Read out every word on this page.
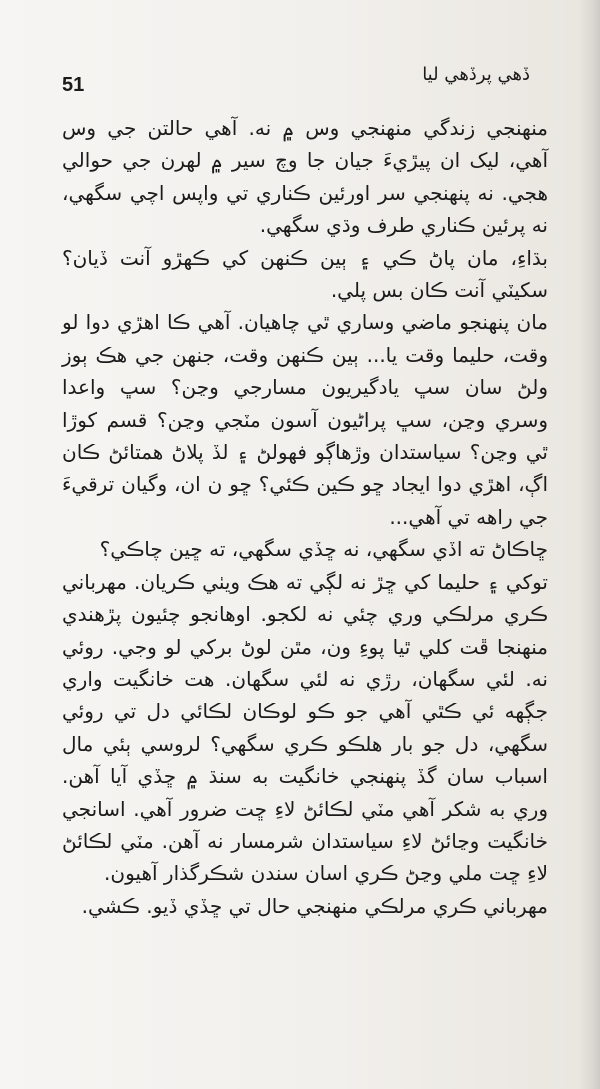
51	ڏهي پرڏهي ليا

منهنجي زندگي منهنجي وس ۾ نه. آهي حالتن جي وس آهي، ليک ان پيڙيءَ جيان جا وچ سير ۾ لهرن جي حوالي هجي. نه پنهنجي سر اورئين ڪناري تي واپس اچي سگهي، نه پرئين ڪناري طرف وڌي سگهي.

بڌاءِ، مان پاڻ ڪي ۽ ٻين ڪنهن کي ڪهڙو آنت ڏيان؟ سکيٽي آنت ڪان بس پلي.

مان پنهنجو ماضي وساري ٿي چاهيان. آهي ڪا اهڙي دوا لو وقت، حليما وقت يا... ٻين ڪنهن وقت، جنهن جي هڪ ٻوز ولڻ سان سڀ يادگيريون مسارجي وڃن؟ سڀ واعدا وسري وڃن، سڀ پراڻيون آسون مٽجي وڃن؟ قسم کوڙا ٿي وڃن؟ سياستدان وڙهاڳو فهولڻ ۽ لڏ پلاڻ همتائڻ ڪان اڳ، اهڙي دوا ايجاد ڇو ڪين ڪئي؟ ڇو ن ان، وگيان ترقيءَ جي راهه تي آهي...

ڇاڪاڻ ته اڏي سگهي، نه ڇڏي سگهي، ته ڇين چاڪي؟

توکي ۽ حليما کي ڇڙ نه لڳي ته هڪ ويٺي ڪريان. مهرباني ڪري مرلڪي وري چئي نه لکجو. اوهانجو چئيون پڙهندي منهنجا ڦت کلي ٿيا پوءِ ون، مٿن لوڻ برکي لو وجي. روئي نه. لئي سگهان، رڙي نه لئي سگهان. هت خانگيت واري جڳهه ئي ڪٿي آهي جو ڪو لوڪان لڪائي دل تي روئي سگهي، دل جو بار هلڪو ڪري سگهي؟ لروسي ٻئي مال اسباب سان گڏ پنهنجي خانگيت به سنڌ ۾ ڇڏي آيا آهن. وري به شکر آهي مٽي لڪائڻ لاءِ ڇت ضرور آهي. اسانجي خانگيت وڃائڻ لاءِ سياستدان شرمسار نه آهن. مٽي لڪائڻ لاءِ ڇت ملي وڃڻ ڪري اسان سندن شڪرگذار آهيون.

مهرباني ڪري مرلڪي منهنجي حال تي ڇڏي ڏيو. ڪشي.
